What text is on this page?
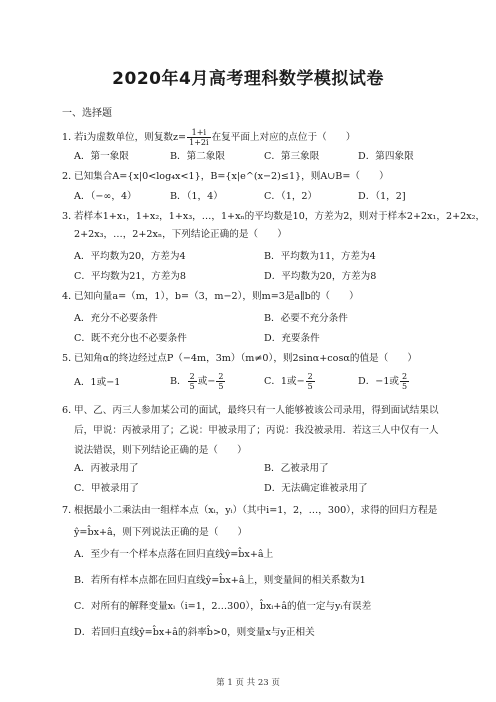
2020年4月高考理科数学模拟试卷
一、选择题
1．若i为虚数单位，则复数$z= \frac{1+i}{1+2i}$ 在复平面上对应的点位于（　　）
A．第一象限	B．第二象限	C．第三象限	D．第四象限
2．已知集合A={x|0<log₄x<1}，B={x|e^(x−2)≤1}，则A∪B=（　　）
A．（−∞，4）	B．（1，4）	C．（1，2）	D．（1，2]
3．若样本1+x₁，1+x₂，1+x₃，…，1+xₙ的平均数是10，方差为2，则对于样本2+2x₁，2+2x₂，
2+2x₃，…，2+2xₙ，下列结论正确的是（　　）
A．平均数为20，方差为4	B．平均数为11，方差为4
C．平均数为21，方差为8	D．平均数为20，方差为8
4．已知向量a=（m，1），b=（3，m−2），则m=3是a∥b的（　　）
A．充分不必要条件	B．必要不充分条件
C．既不充分也不必要条件	D．充要条件
5．已知角α的终边经过点P（−4m，3m）（m≠0），则2sinα+cosα的值是（　　）
A．1或−1	B． $\frac{2}{5}$ 或− $\frac{2}{5}$	C．1或− $\frac{2}{5}$	D．−1或 $\frac{2}{5}$
6．甲、乙、丙三人参加某公司的面试，最终只有一人能够被该公司录用，得到面试结果以
后，甲说：丙被录用了；乙说：甲被录用了；丙说：我没被录用．若这三人中仅有一人
说法错误，则下列结论正确的是（　　）
A．丙被录用了	B．乙被录用了
C．甲被录用了	D．无法确定谁被录用了
7．根据最小二乘法由一组样本点（xᵢ，yᵢ）（其中i=1，2，…，300），求得的回归方程是
ŷ=b̂x+â，则下列说法正确的是（　　）
A．至少有一个样本点落在回归直线ŷ=b̂x+â上
B．若所有样本点都在回归直线ŷ=b̂x+â上，则变量间的相关系数为1
C．对所有的解释变量xᵢ（i=1，2…300），b̂xᵢ+â的值一定与yᵢ有误差
D．若回归直线ŷ=b̂x+â的斜率b̂>0，则变量x与y正相关
第 1 页 共 23 页
